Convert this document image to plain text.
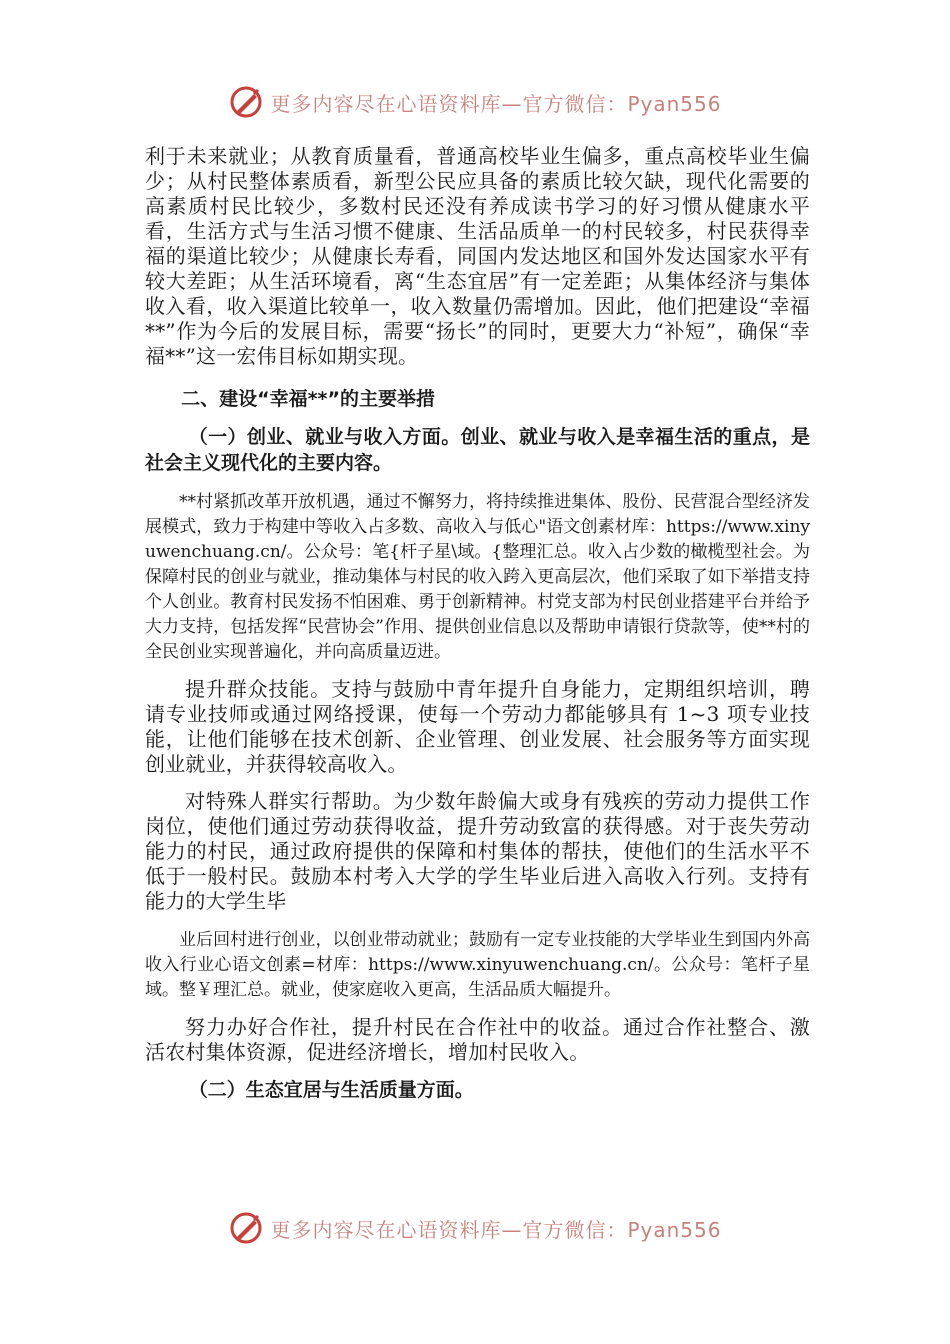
更多内容尽在心语资料库—官方微信：Pyan556

利于未来就业；从教育质量看，普通高校毕业生偏多，重点高校毕业生偏少；从村民整体素质看，新型公民应具备的素质比较欠缺，现代化需要的高素质村民比较少，多数村民还没有养成读书学习的好习惯从健康水平看，生活方式与生活习惯不健康、生活品质单一的村民较多，村民获得幸福的渠道比较少；从健康长寿看，同国内发达地区和国外发达国家水平有较大差距；从生活环境看，离“生态宜居”有一定差距；从集体经济与集体收入看，收入渠道比较单一，收入数量仍需增加。因此，他们把建设“幸福**”作为今后的发展目标，需要“扬长”的同时，更要大力“补短”，确保“幸福**”这一宏伟目标如期实现。

二、建设“幸福**”的主要举措

（一）创业、就业与收入方面。创业、就业与收入是幸福生活的重点，是社会主义现代化的主要内容。

**村紧抓改革开放机遇，通过不懈努力，将持续推进集体、股份、民营混合型经济发展模式，致力于构建中等收入占多数、高收入与低心"语文创素材库：https://www.xinyuwenchuang.cn/。公众号：笔{杆子星\域。{整理汇总。收入占少数的橄榄型社会。为保障村民的创业与就业，推动集体与村民的收入跨入更高层次，他们采取了如下举措支持个人创业。教育村民发扬不怕困难、勇于创新精神。村党支部为村民创业搭建平台并给予大力支持，包括发挥“民营协会”作用、提供创业信息以及帮助申请银行贷款等，使**村的全民创业实现普遍化，并向高质量迈进。

提升群众技能。支持与鼓励中青年提升自身能力，定期组织培训，聘请专业技师或通过网络授课，使每一个劳动力都能够具有 1~3 项专业技能，让他们能够在技术创新、企业管理、创业发展、社会服务等方面实现创业就业，并获得较高收入。

对特殊人群实行帮助。为少数年龄偏大或身有残疾的劳动力提供工作岗位，使他们通过劳动获得收益，提升劳动致富的获得感。对于丧失劳动能力的村民，通过政府提供的保障和村集体的帮扶，使他们的生活水平不低于一般村民。鼓励本村考入大学的学生毕业后进入高收入行列。支持有能力的大学生毕

业后回村进行创业，以创业带动就业；鼓励有一定专业技能的大学毕业生到国内外高收入行业心语文创素=材库：https://www.xinyuwenchuang.cn/。公众号：笔杆子星域。整￥理汇总。就业，使家庭收入更高，生活品质大幅提升。

努力办好合作社，提升村民在合作社中的收益。通过合作社整合、激活农村集体资源，促进经济增长，增加村民收入。

（二）生态宜居与生活质量方面。

更多内容尽在心语资料库—官方微信：Pyan556
